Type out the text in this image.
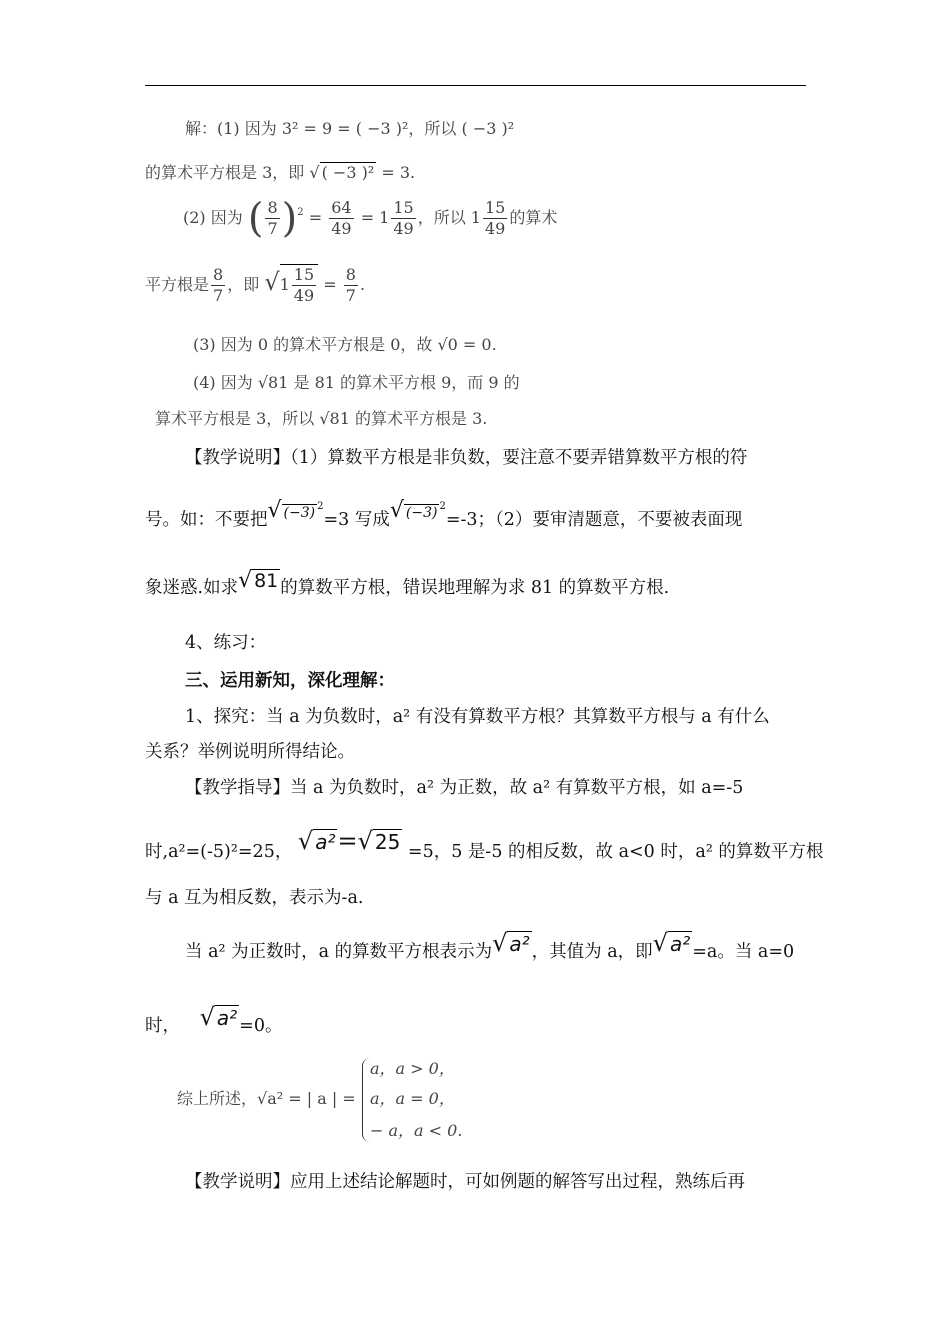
解：(1) 因为 3² = 9 = ( −3 )²，所以 ( −3 )²
的算术平方根是 3，即 √ ( −3 )² = 3.
(2) 因为 ( $\frac{8}{7} )^2 = \frac{64}{49} = 1 \frac{15}{49}$ ，所以 $1 \frac{15}{49}$ 的算术
平方根是 $\frac{8}{7}$ ，即 $√1 \frac{15}{49} = \frac{8}{7}$ .
(3) 因为 0 的算术平方根是 0，故 √0 = 0.
(4) 因为 √81 是 81 的算术平方根 9，而 9 的
算术平方根是 3，所以 √81 的算术平方根是 3.
【教学说明】（1）算数平方根是非负数，要注意不要弄错算数平方根的符
号。如：不要把√ (−3) $^2$=3 写成√ (−3) $^2$=-3；（2）要审清题意，不要被表面现
象迷惑.如求√ 81 的算数平方根，错误地理解为求 81 的算数平方根.
4、练习：
三、运用新知，深化理解：
1、探究：当 a 为负数时，a² 有没有算数平方根？其算数平方根与 a 有什么
关系？举例说明所得结论。
【教学指导】当 a 为负数时，a² 为正数，故 a² 有算数平方根，如 a=-5
时,a²=(-5)²=25， √ a²=√ 25 =5，5 是-5 的相反数，故 a<0 时，a² 的算数平方根
与 a 互为相反数，表示为-a.
当 a² 为正数时，a 的算数平方根表示为√ a² ，其值为 a，即√ a² =a。当 a=0
时， √ a² =0。
综上所述，√a² = | a | =
a，a > 0，
a，a = 0，
− a，a < 0.
【教学说明】应用上述结论解题时，可如例题的解答写出过程，熟练后再
